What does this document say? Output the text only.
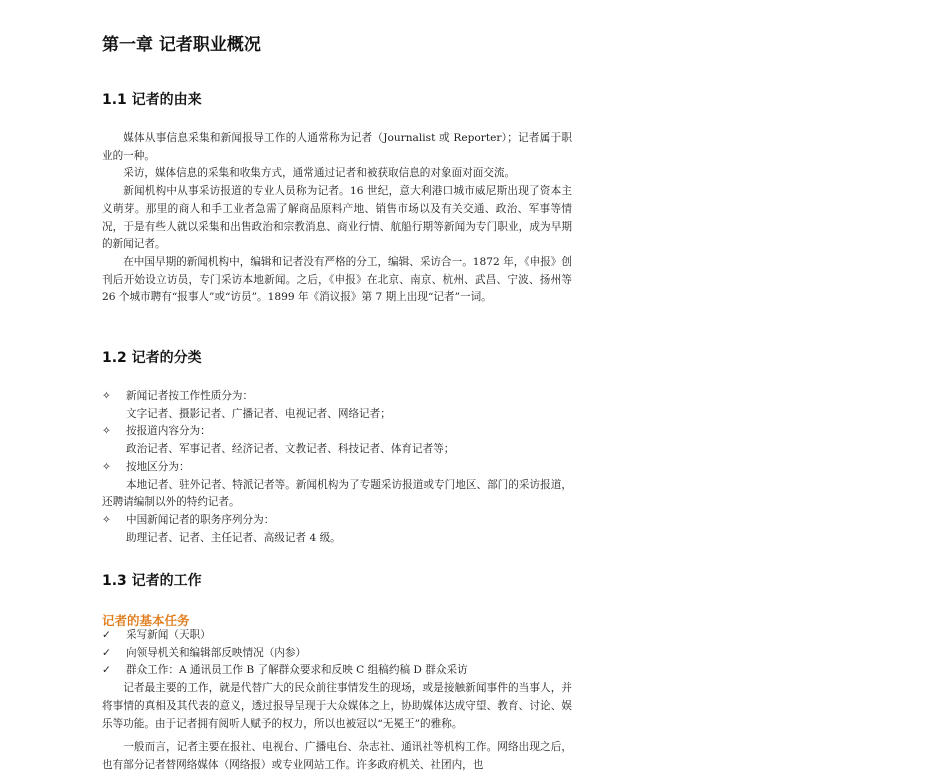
第一章 记者职业概况
1.1 记者的由来

媒体从事信息采集和新闻报导工作的人通常称为记者（Journalist 或 Reporter）；记者属于职业的一种。

采访，媒体信息的采集和收集方式，通常通过记者和被获取信息的对象面对面交流。

新闻机构中从事采访报道的专业人员称为记者。16 世纪，意大利港口城市威尼斯出现了资本主义萌芽。那里的商人和手工业者急需了解商品原料产地、销售市场以及有关交通、政治、军事等情况，于是有些人就以采集和出售政治和宗教消息、商业行情、航船行期等新闻为专门职业，成为早期的新闻记者。

在中国早期的新闻机构中，编辑和记者没有严格的分工，编辑、采访合一。1872 年，《申报》创刊后开始设立访员，专门采访本地新闻。之后，《申报》在北京、南京、杭州、武昌、宁波、扬州等 26 个城市聘有“报事人”或“访员”。1899 年《消议报》第 7 期上出现“记者”一词。

1.2 记者的分类
✧	新闻记者按工作性质分为：
文字记者、摄影记者、广播记者、电视记者、网络记者；
✧	按报道内容分为：
政治记者、军事记者、经济记者、文教记者、科技记者、体育记者等；
✧	按地区分为：
本地记者、驻外记者、特派记者等。新闻机构为了专题采访报道或专门地区、部门的采访报道，还聘请编制以外的特约记者。
✧	中国新闻记者的职务序列分为：
助理记者、记者、主任记者、高级记者 4 级。
1.3 记者的工作
记者的基本任务
✓	采写新闻（天职）
✓	向领导机关和编辑部反映情况（内参）
✓	群众工作：A 通讯员工作 B 了解群众要求和反映 C 组稿约稿 D 群众采访

记者最主要的工作，就是代替广大的民众前往事情发生的现场，或是接触新闻事件的当事人，并将事情的真相及其代表的意义，透过报导呈现于大众媒体之上，协助媒体达成守望、教育、讨论、娱乐等功能。由于记者拥有阅听人赋予的权力，所以也被冠以“无冕王”的雅称。

一般而言，记者主要在报社、电视台、广播电台、杂志社、通讯社等机构工作。网络出现之后，也有部分记者替网络媒体（网络报）或专业网站工作。许多政府机关、社团内，也
